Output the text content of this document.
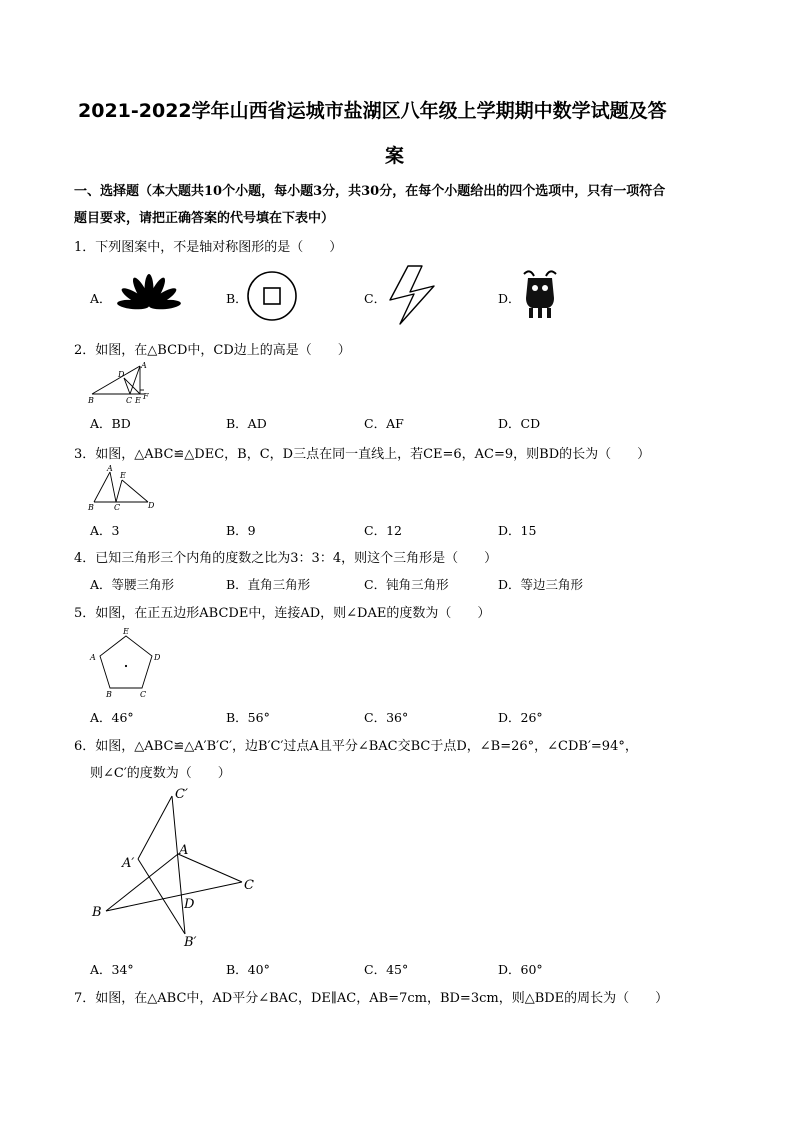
2021-2022学年山西省运城市盐湖区八年级上学期期中数学试题及答
案
一、选择题（本大题共10个小题，每小题3分，共30分，在每个小题给出的四个选项中，只有一项符合
题目要求，请把正确答案的代号填在下表中）
1．下列图案中，不是轴对称图形的是（　　）
A．	B．	C．	D．
2．如图，在△BCD中，CD边上的高是（　　）
A
D
B	C E F
A．BD	B．AD	C．AF	D．CD
3．如图，△ABC≌△DEC，B，C，D三点在同一直线上，若CE=6，AC=9，则BD的长为（　　）
A
E
B	C	D
A．3	B．9	C．12	D．15
4．已知三角形三个内角的度数之比为3：3：4，则这个三角形是（　　）
A．等腰三角形	B．直角三角形	C．钝角三角形	D．等边三角形
5．如图，在正五边形ABCDE中，连接AD，则∠DAE的度数为（　　）
E
A	D
B	C
A．46°	B．56°	C．36°	D．26°
6．如图，△ABC≌△A′B′C′，边B′C′过点A且平分∠BAC交BC于点D，∠B=26°，∠CDB′=94°，
则∠C′的度数为（　　）
C′
A′
A
C
B
D
B′
A．34°	B．40°	C．45°	D．60°
7．如图，在△ABC中，AD平分∠BAC，DE∥AC，AB=7cm，BD=3cm，则△BDE的周长为（　　）
